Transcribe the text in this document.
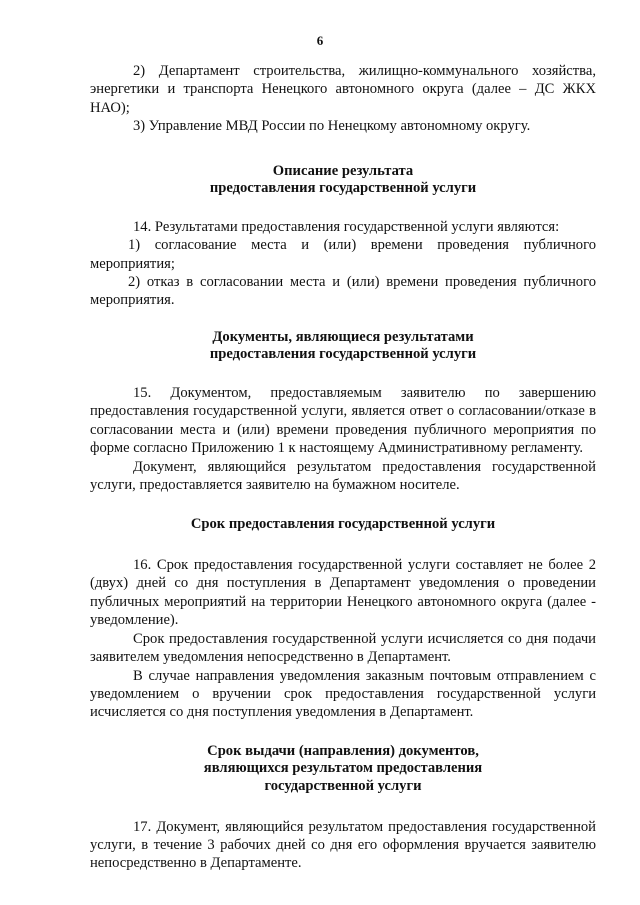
6

2) Департамент строительства, жилищно-коммунального хозяйства, энергетики и транспорта Ненецкого автономного округа (далее – ДС ЖКХ НАО);

3) Управление МВД России по Ненецкому автономному округу.

Описание результата
предоставления государственной услуги

14. Результатами предоставления государственной услуги являются:

1) согласование места и (или) времени проведения публичного мероприятия;

2) отказ в согласовании места и (или) времени проведения публичного мероприятия.

Документы, являющиеся результатами
предоставления государственной услуги

15. Документом, предоставляемым заявителю по завершению предоставления государственной услуги, является ответ о согласовании/отказе в согласовании места и (или) времени проведения публичного мероприятия по форме согласно Приложению 1 к настоящему Административному регламенту.

Документ, являющийся результатом предоставления государственной услуги, предоставляется заявителю на бумажном носителе.

Срок предоставления государственной услуги

16. Срок предоставления государственной услуги составляет не более 2 (двух) дней со дня поступления в Департамент уведомления о проведении публичных мероприятий на территории Ненецкого автономного округа (далее - уведомление).

Срок предоставления государственной услуги исчисляется со дня подачи заявителем уведомления непосредственно в Департамент.

В случае направления уведомления заказным почтовым отправлением с уведомлением о вручении срок предоставления государственной услуги исчисляется со дня поступления уведомления в Департамент.

Срок выдачи (направления) документов,
являющихся результатом предоставления
государственной услуги

17. Документ, являющийся результатом предоставления государственной услуги, в течение 3 рабочих дней со дня его оформления вручается заявителю непосредственно в Департаменте.
